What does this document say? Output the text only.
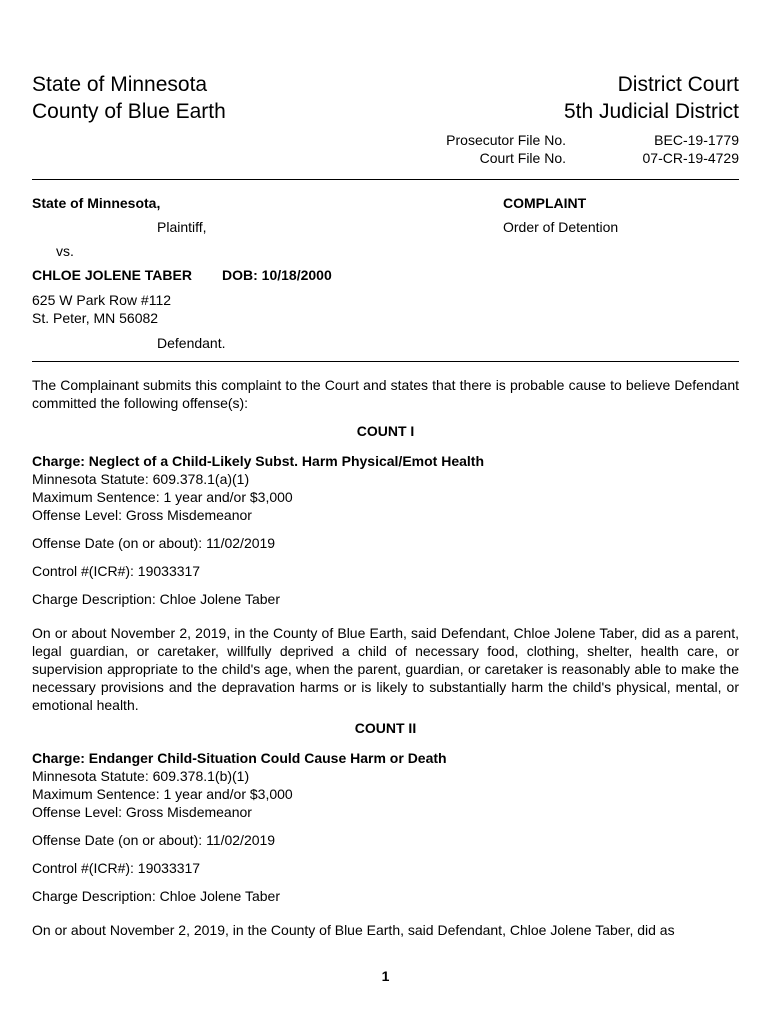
State of Minnesota
County of Blue Earth
District Court
5th Judicial District
Prosecutor File No.	BEC-19-1779
Court File No.	07-CR-19-4729
State of Minnesota,
Plaintiff,
vs.
CHLOE JOLENE TABER DOB: 10/18/2000
625 W Park Row #112
St. Peter, MN 56082
Defendant.
COMPLAINT
Order of Detention

The Complainant submits this complaint to the Court and states that there is probable cause to believe Defendant committed the following offense(s):

COUNT I

Charge: Neglect of a Child-Likely Subst. Harm Physical/Emot Health

Minnesota Statute: 609.378.1(a)(1)

Maximum Sentence: 1 year and/or $3,000

Offense Level: Gross Misdemeanor

Offense Date (on or about): 11/02/2019

Control #(ICR#): 19033317

Charge Description: Chloe Jolene Taber

On or about November 2, 2019, in the County of Blue Earth, said Defendant, Chloe Jolene Taber, did as a parent, legal guardian, or caretaker, willfully deprived a child of necessary food, clothing, shelter, health care, or supervision appropriate to the child's age, when the parent, guardian, or caretaker is reasonably able to make the necessary provisions and the depravation harms or is likely to substantially harm the child's physical, mental, or emotional health.

COUNT II

Charge: Endanger Child-Situation Could Cause Harm or Death

Minnesota Statute: 609.378.1(b)(1)

Maximum Sentence: 1 year and/or $3,000

Offense Level: Gross Misdemeanor

Offense Date (on or about): 11/02/2019

Control #(ICR#): 19033317

Charge Description: Chloe Jolene Taber

On or about November 2, 2019, in the County of Blue Earth, said Defendant, Chloe Jolene Taber, did as

1
